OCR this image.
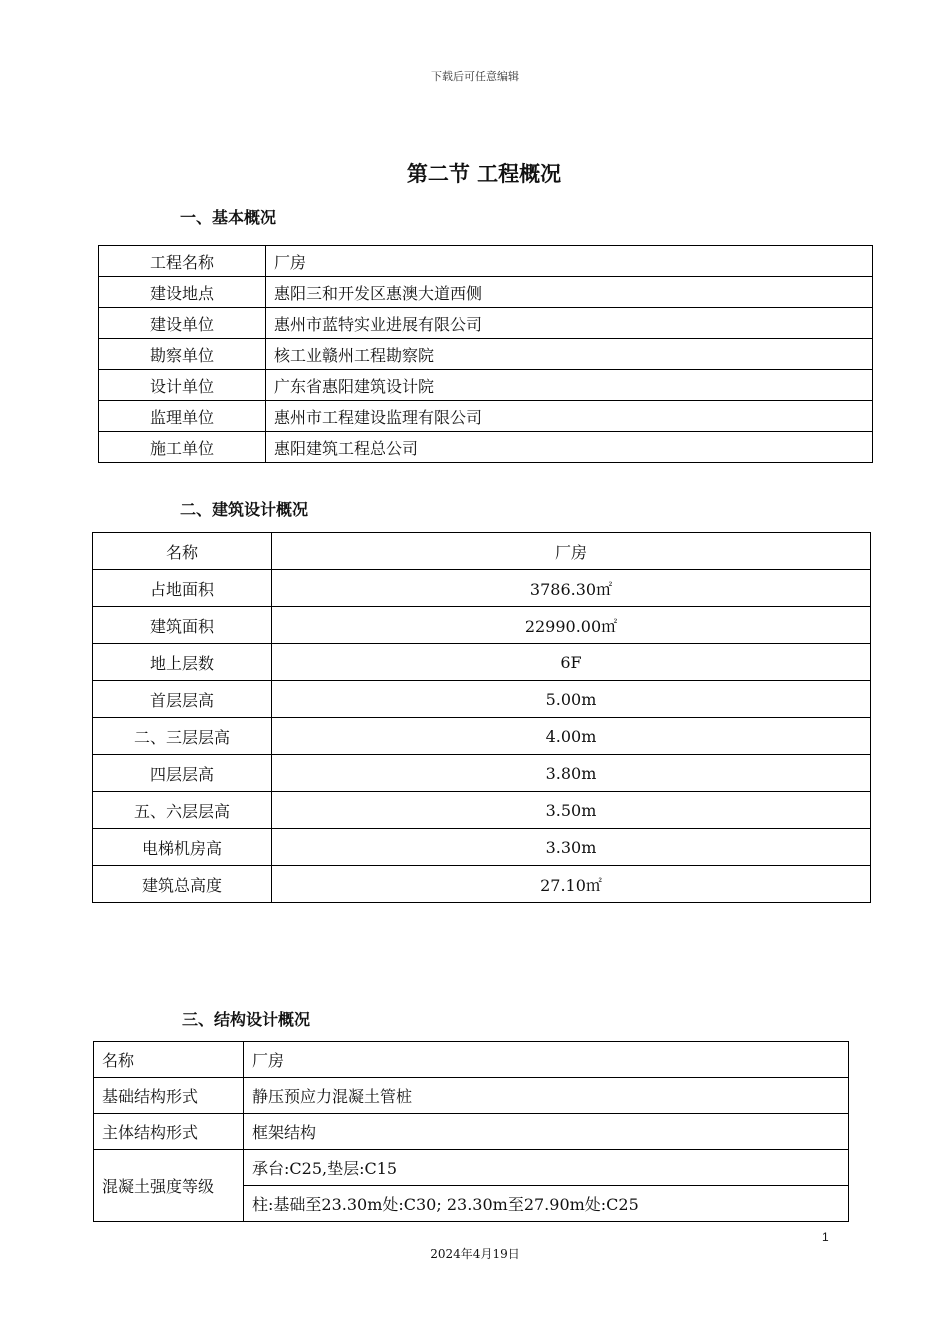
下载后可任意编辑
第二节 工程概况
一、基本概况
工程名称	厂房
建设地点	惠阳三和开发区惠澳大道西侧
建设单位	惠州市蓝特实业进展有限公司
勘察单位	核工业赣州工程勘察院
设计单位	广东省惠阳建筑设计院
监理单位	惠州市工程建设监理有限公司
施工单位	惠阳建筑工程总公司
二、建筑设计概况
名称	厂房
占地面积	3786.30㎡
建筑面积	22990.00㎡
地上层数	6F
首层层高	5.00m
二、三层层高	4.00m
四层层高	3.80m
五、六层层高	3.50m
电梯机房高	3.30m
建筑总高度	27.10㎡
三、结构设计概况
名称	厂房
基础结构形式	静压预应力混凝土管桩
主体结构形式	框架结构
混凝土强度等级	承台:C25,垫层:C15
	柱:基础至23.30m处:C30; 23.30m至27.90m处:C25
1
2024年4月19日
